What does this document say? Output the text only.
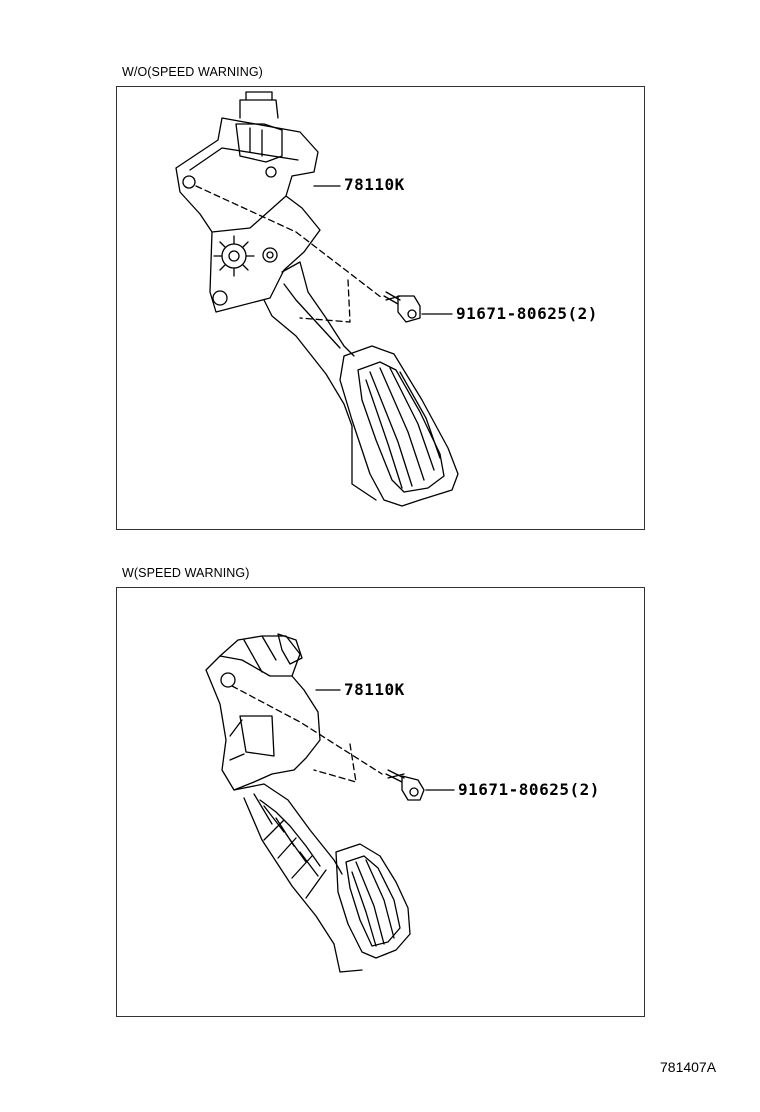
W/O(SPEED WARNING)
W(SPEED WARNING)
78110K
91671-80625(2)
78110K
91671-80625(2)
781407A
